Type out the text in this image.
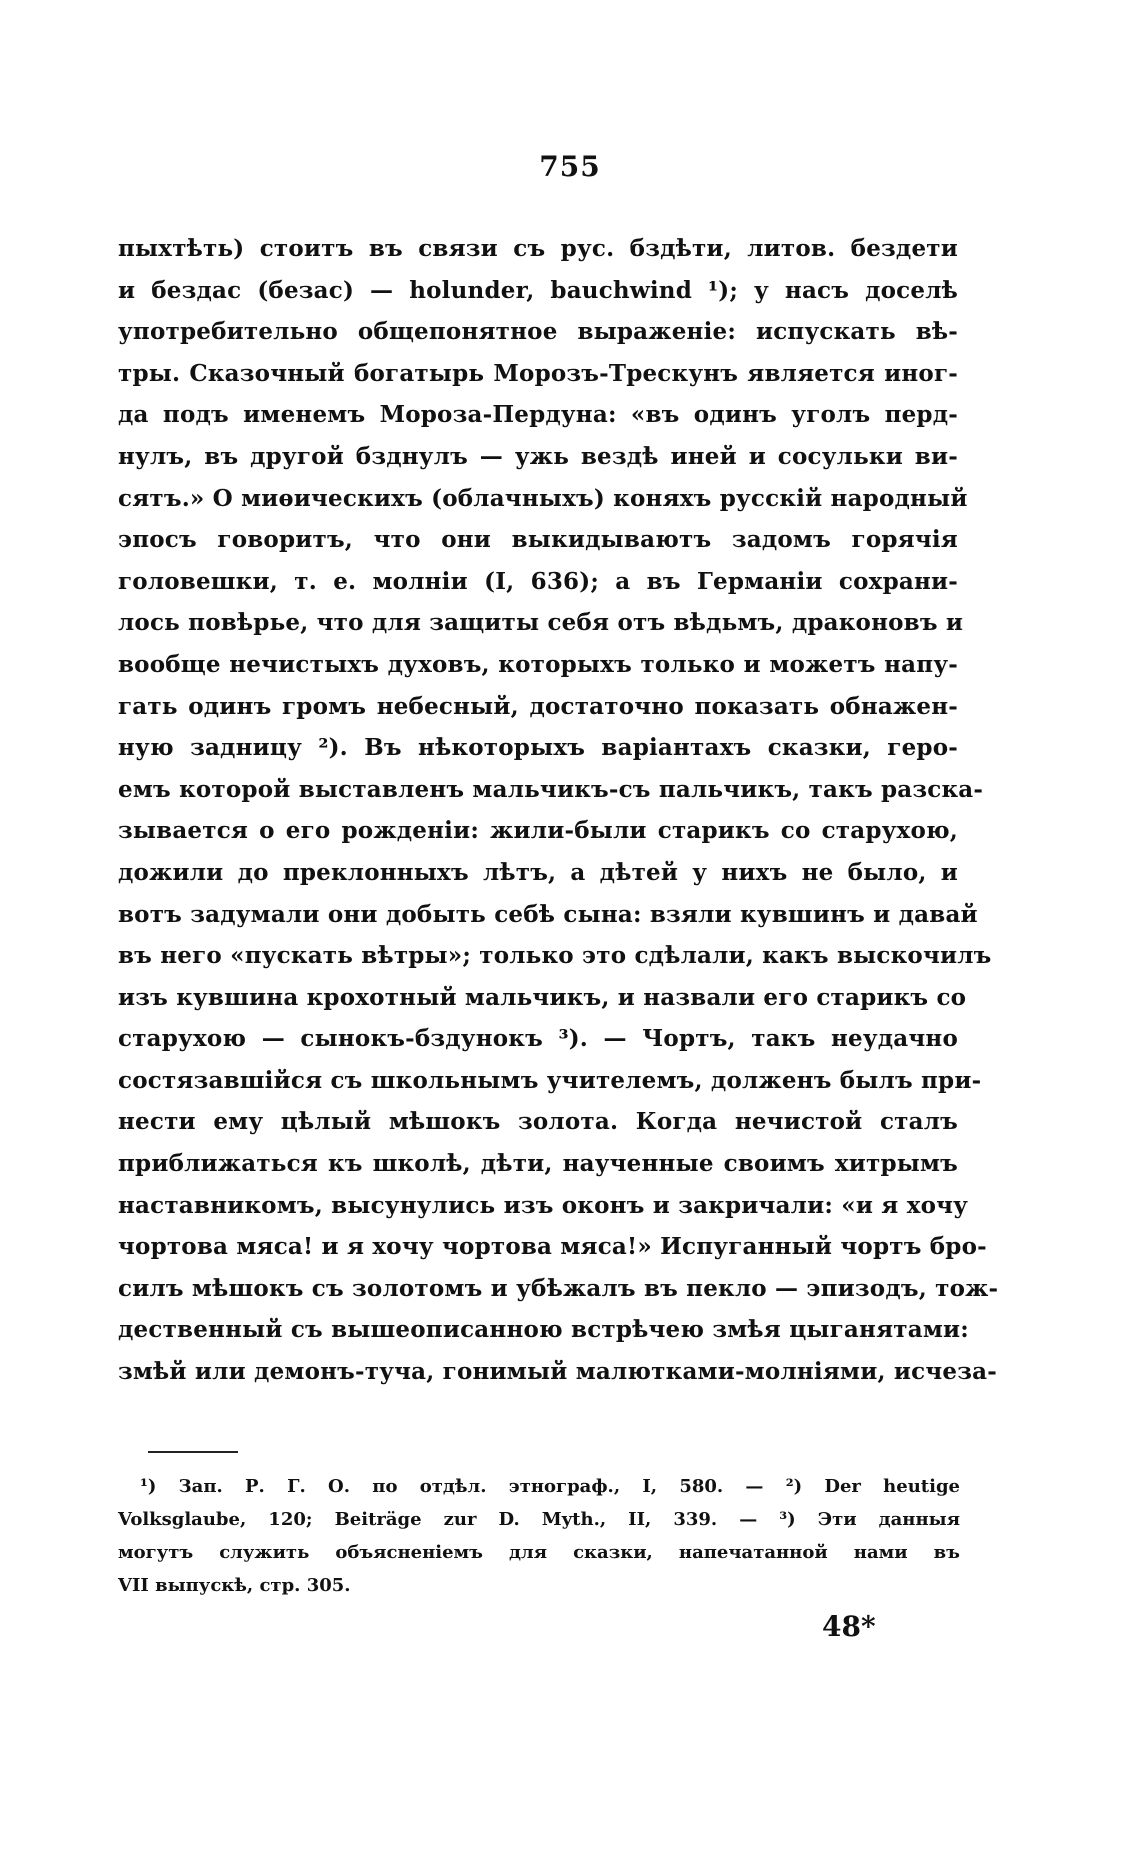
755
пыхтѣть) стоитъ въ связи съ рус. бздѣти, литов. бездети
и бездас (безас) — holunder, bauchwind ¹); у насъ доселѣ
употребительно общепонятное выраженіе: испускать вѣ-
тры. Сказочный богатырь Морозъ-Трескунъ является иног-
да подъ именемъ Мороза-Пердуна: «въ одинъ уголъ перд-
нулъ, въ другой бзднулъ — ужь вездѣ иней и сосульки ви-
сятъ.» О миѳическихъ (облачныхъ) коняхъ русскій народный
эпосъ говоритъ, что они выкидываютъ задомъ горячія
головешки, т. е. молніи (I, 636); а въ Германіи сохрани-
лось повѣрье, что для защиты себя отъ вѣдьмъ, драконовъ и
вообще нечистыхъ духовъ, которыхъ только и можетъ напу-
гать одинъ громъ небесный, достаточно показать обнажен-
ную задницу ²). Въ нѣкоторыхъ варіантахъ сказки, геро-
емъ которой выставленъ мальчикъ-съ пальчикъ, такъ разска-
зывается о его рожденіи: жили-были старикъ со старухою,
дожили до преклонныхъ лѣтъ, а дѣтей у нихъ не было, и
вотъ задумали они добыть себѣ сына: взяли кувшинъ и давай
въ него «пускать вѣтры»; только это сдѣлали, какъ выскочилъ
изъ кувшина крохотный мальчикъ, и назвали его старикъ со
старухою — сынокъ-бздунокъ ³). — Чортъ, такъ неудачно
состязавшійся съ школьнымъ учителемъ, долженъ былъ при-
нести ему цѣлый мѣшокъ золота. Когда нечистой сталъ
приближаться къ школѣ, дѣти, наученные своимъ хитрымъ
наставникомъ, высунулись изъ оконъ и закричали: «и я хочу
чортова мяса! и я хочу чортова мяса!» Испуганный чортъ бро-
силъ мѣшокъ съ золотомъ и убѣжалъ въ пекло — эпизодъ, тож-
дественный съ вышеописанною встрѣчею змѣя цыганятами:
змѣй или демонъ-туча, гонимый малютками-молніями, исчеза-
¹) Зап. Р. Г. О. по отдѣл. этнограф., I, 580. — ²) Der heutige
Volksglaube, 120; Beiträge zur D. Myth., II, 339. — ³) Эти данныя
могутъ служить объясненіемъ для сказки, напечатанной нами въ
VII выпускѣ, стр. 305.
48*
